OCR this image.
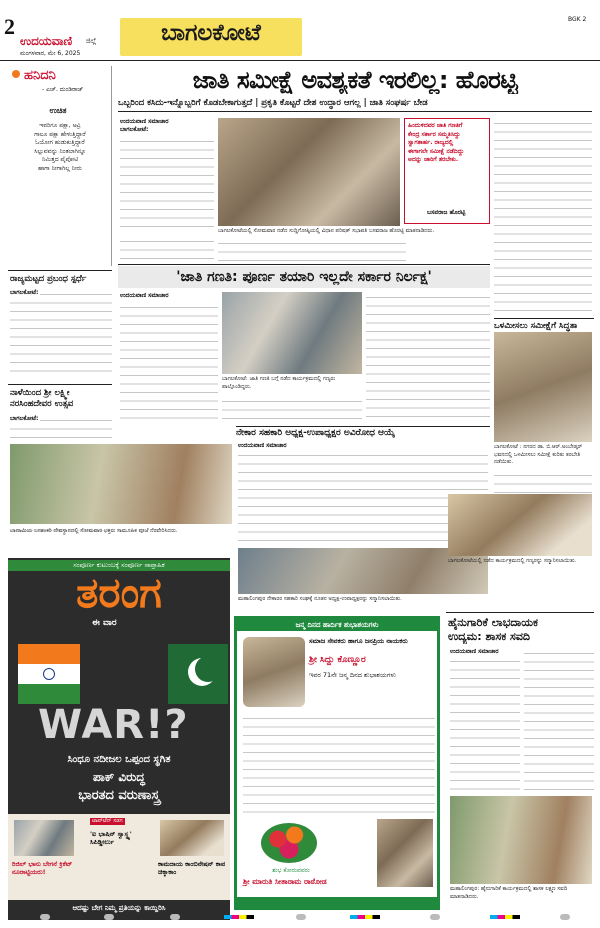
2
ಉದಯವಾಣಿ ಜಿಲ್ಲೆ
ಮಂಗಳವಾರ, ಮೇ 6, 2025
ಬಾಗಲಕೋಟೆ
BGK 2
ಹನಿದನಿ
- ಎಚ್. ದುಂಡಿರಾಜ್
ಉಚಿತ
ಇವರಿಗೂ ಪಕ್ಷಾ, ಅವ್ರಿ
ಗಾಲೂ ಪಕ್ಷಾ ಹೇಳುತ್ತಿದ್ದಾರೆ
ಓಯೋಗ ಹುಡುಕುತ್ತಿದ್ದಾರೆ
ಸಿಲ್ಲುವವನ್ನು ನಿಂತಲಾಗಿನ್ನೂ
ನಿಮಿತ್ತದ ಪೈಪೋಟಿ
ಹಾಗಾ ನೀಗಾಗಿಲ್ಲ ನೀರು
ರಾಜ್ಯಮಟ್ಟದ ಪ್ರಬಂಧ ಸ್ಪರ್ಧೆ
ಬಾಗಲಕೋಟೆ:
ನಾಳೆಯಿಂದ ಶ್ರೀ ಲಕ್ಷ್ಮೀ ನರಸಿಂಹದೇವರ ಉತ್ಸವ
ಬಾಗಲಕೋಟೆ:
ಬಾದಾಮಿಯ ಬನಶಂಕರಿ ದೇವಸ್ಥಾನದಲ್ಲಿ ಸೋಮವಾರ ಭಕ್ತರು ಸಾಮೂಹಿಕ ಪೂಜೆ ನೆರವೇರಿಸಿದರು.
ಜಾತಿ ಸಮೀಕ್ಷೆ ಅವಶ್ಯಕತೆ ಇರಲಿಲ್ಲ: ಹೊರಟ್ಟಿ
ಒಬ್ಬರಿಂದ ಕಸಿದು-ಇನ್ನೊಬ್ಬರಿಗೆ ಕೊಡಬೇಕಾಗುತ್ತದೆ | ಪ್ರಕೃತಿ ಕೊಟ್ಟರೆ ದೇಶ ಉದ್ಧಾರ ಆಗಲ್ಲ | ಜಾತಿ ಸಂಘರ್ಷ ಬೇಡ
ಉದಯವಾಣಿ ಸಮಾಚಾರ
ಬಾಗಲಕೋಟೆ:
ಬಾಗಲಕೋಟೆಯಲ್ಲಿ ಸೋಮವಾರ ನಡೆದ ಸುದ್ದಿಗೋಷ್ಠಿಯಲ್ಲಿ ವಿಧಾನ ಪರಿಷತ್ ಸಭಾಪತಿ ಬಸವರಾಜ ಹೊರಟ್ಟಿ ಮಾತನಾಡಿದರು.
ಹಿಂದುಳಿದವರ ಜಾತಿ ಗಣತಿಗೆ
ಕೇಂದ್ರ ಸರ್ಕಾರ ಸಮ್ಮತಿಸಿದ್ದು
ಸ್ವಾಗತಾರ್ಹ. ರಾಜ್ಯದಲ್ಲಿ
ಈಗಾಗಲೇ ಸಮೀಕ್ಷೆ ನಡೆದಿದ್ದು
ಅದನ್ನು ಜಾರಿಗೆ ತರಬೇಕು.
ಬಸವರಾಜ ಹೊರಟ್ಟಿ
'ಜಾತಿ ಗಣತಿ: ಪೂರ್ಣ ತಯಾರಿ ಇಲ್ಲದೇ ಸರ್ಕಾರ ನಿರ್ಲಕ್ಷ'
ಉದಯವಾಣಿ ಸಮಾಚಾರ
ಬಾಗಲಕೋಟೆ: ಜಾತಿ ಗಣತಿ ಬಗ್ಗೆ ನಡೆದ ಕಾರ್ಯಕ್ರಮದಲ್ಲಿ ಗಣ್ಯರು ಪಾಲ್ಗೊಂಡಿದ್ದರು.
ಒಳಮೀಸಲು ಸಮೀಕ್ಷೆಗೆ ಸಿದ್ಧತಾ
ಬಾಗಲಕೋಟೆ : ನಗರದ ಡಾ. ಬಿ.ಆರ್.ಅಂಬೇಡ್ಕರ್ ಭವನದಲ್ಲಿ ಒಳಮೀಸಲು ಸಮೀಕ್ಷೆ ಕುರಿತು ತರಬೇತಿ ನಡೆಯಿತು.
ನೇಕಾರ ಸಹಕಾರಿ ಅಧ್ಯಕ್ಷ-ಉಪಾಧ್ಯಕ್ಷರ ಅವಿರೋಧ ಆಯ್ಕೆ
ಉದಯವಾಣಿ ಸಮಾಚಾರ
ಮಹಾಲಿಂಗಪುರ ನೇಕಾರರ ಸಹಕಾರಿ ಸಂಘಕ್ಕೆ ನೂತನ ಅಧ್ಯಕ್ಷ-ಉಪಾಧ್ಯಕ್ಷರನ್ನು ಸನ್ಮಾನಿಸಲಾಯಿತು.
ಬಾಗಲಕೋಟೆಯಲ್ಲಿ ನಡೆದ ಕಾರ್ಯಕ್ರಮದಲ್ಲಿ ಗಣ್ಯರನ್ನು ಸನ್ಮಾನಿಸಲಾಯಿತು.
ಸಂಪೂರ್ಣ ಕುಟುಂಬಕ್ಕೆ ಸಂಪೂರ್ಣ ಸಾಪ್ತಾಹಿಕ
ತರಂಗ
ಈ ವಾರ
WAR!?
ಸಿಂಧೂ ನದೀಜಲ ಒಪ್ಪಂದ ಸ್ಥಗಿತ
ಪಾಕ್ ವಿರುದ್ಧ
ಭಾರತದ ವರುಣಾಸ್ತ್ರ
ರಿಜಿಲ್ ಭಾನು ಬೇಗನೆ ಕ್ರಿಕೆಟ್ ನೂರಾಟ್ಟಿಯರು!
ಟಾಪ್‌ಟೆನ್ ಸಡಗ
'ಐ ಭಾಷಿನ್ ಸ್ವಾಸ್ಥ್ಯ' ಸಿಪಿಡ್ಡೀರ್ಲು
ಕಾಮದಾಯ ಕಾಂಬಿನೇಷನ್ ಕಾವ ಚಿಕ್ಕಾಕಾಂ
ಆದಷ್ಟು ಬೇಗ ನಿಮ್ಮ ಪ್ರತಿಯನ್ನು ಕಾಯ್ದಿರಿಸಿ
ಜನ್ಮ ದಿನದ ಹಾರ್ದಿಕ ಶುಭಾಶಯಗಳು
ಸಮಾಜ ಸೇವಕರು ಹಾಗೂ ಜನಪ್ರಿಯ ನಾಯಕರು
ಶ್ರೀ ಸಿದ್ದು ಕೊಣ್ಣೂರ
ಇವರ 71ನೇ ಜನ್ಮ ದಿನದ ಶುಭಾಶಯಗಳು
ಶುಭ ಕೋರುವವರು
ಶ್ರೀ ಮಾರುತಿ ಸೀತಾರಾಮ ರಾಠೋಡ
ಹೈನುಗಾರಿಕೆ ಲಾಭದಾಯಕ
ಉದ್ಯಮ: ಶಾಸಕ ಸವದಿ
ಉದಯವಾಣಿ ಸಮಾಚಾರ
ಮಹಾಲಿಂಗಪುರ: ಹೈನುಗಾರಿಕೆ ಕಾರ್ಯಕ್ರಮದಲ್ಲಿ ಶಾಸಕ ಲಕ್ಷ್ಮಣ ಸವದಿ ಮಾತನಾಡಿದರು.
